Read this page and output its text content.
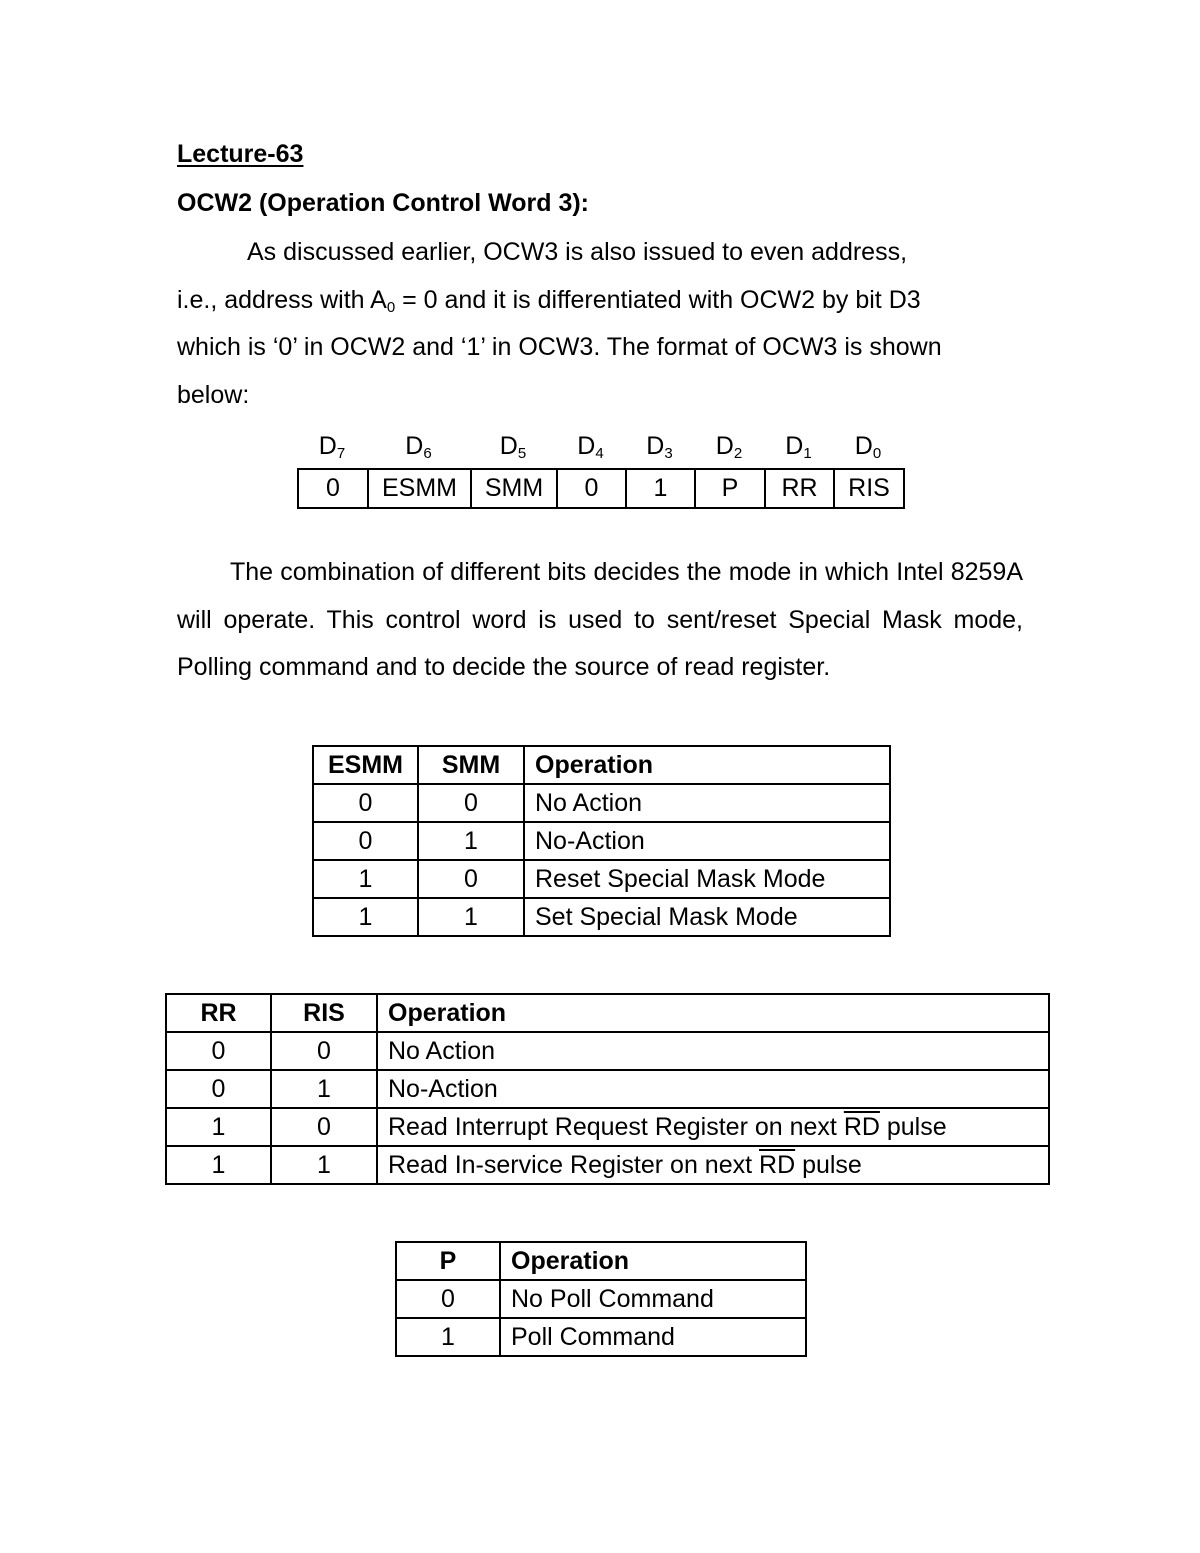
Lecture-63
OCW2 (Operation Control Word 3):
As discussed earlier, OCW3 is also issued to even address,
i.e., address with $A_0 = 0$ and it is differentiated with OCW2 by bit D3
which is ‘0’ in OCW2 and ‘1’ in OCW3. The format of OCW3 is shown
below:
$D_7$	$D_6$	$D_5$	$D_4$	$D_3$	$D_2$	$D_1$	$D_0$
0	ESMM	SMM	0	1	P	RR	RIS

The combination of different bits decides the mode in which Intel 8259A will operate. This control word is used to sent/reset Special Mask mode, Polling command and to decide the source of read register.

ESMM	SMM	Operation
0	0	No Action
0	1	No-Action
1	0	Reset Special Mask Mode
1	1	Set Special Mask Mode
RR	RIS	Operation
0	0	No Action
0	1	No-Action
1	0	Read Interrupt Request Register on next $\overline{RD}$ pulse
1	1	Read In-service Register on next $\overline{RD}$ pulse
P	Operation
0	No Poll Command
1	Poll Command
